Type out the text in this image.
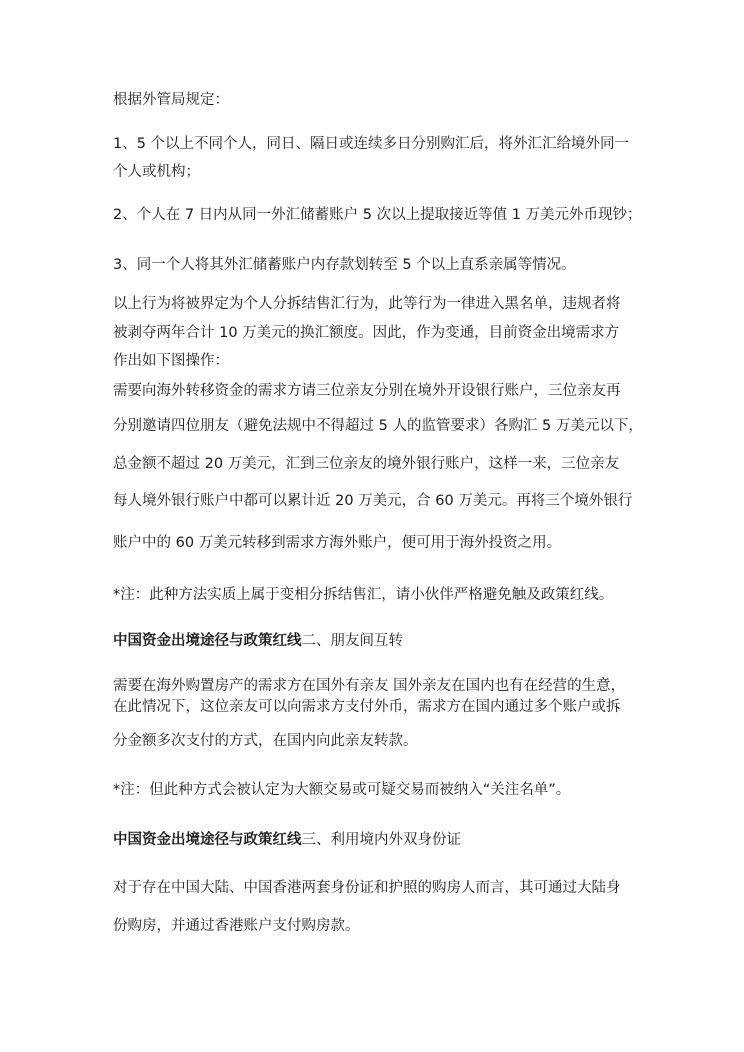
根据外管局规定：
1、5 个以上不同个人，同日、隔日或连续多日分别购汇后，将外汇汇给境外同一
个人或机构；
2、个人在 7 日内从同一外汇储蓄账户 5 次以上提取接近等值 1 万美元外币现钞；
3、同一个人将其外汇储蓄账户内存款划转至 5 个以上直系亲属等情况。
以上行为将被界定为个人分拆结售汇行为，此等行为一律进入黑名单，违规者将
被剥夺两年合计 10 万美元的换汇额度。因此，作为变通，目前资金出境需求方
作出如下图操作：
需要向海外转移资金的需求方请三位亲友分别在境外开设银行账户，三位亲友再
分别邀请四位朋友（避免法规中不得超过 5 人的监管要求）各购汇 5 万美元以下，
总金额不超过 20 万美元，汇到三位亲友的境外银行账户，这样一来，三位亲友
每人境外银行账户中都可以累计近 20 万美元，合 60 万美元。再将三个境外银行
账户中的 60 万美元转移到需求方海外账户，便可用于海外投资之用。
*注：此种方法实质上属于变相分拆结售汇，请小伙伴严格避免触及政策红线。
中国资金出境途径与政策红线二、朋友间互转
需要在海外购置房产的需求方在国外有亲友 国外亲友在国内也有在经营的生意，
在此情况下，这位亲友可以向需求方支付外币，需求方在国内通过多个账户或拆
分金额多次支付的方式，在国内向此亲友转款。
*注：但此种方式会被认定为大额交易或可疑交易而被纳入“关注名单”。
中国资金出境途径与政策红线三、利用境内外双身份证
对于存在中国大陆、中国香港两套身份证和护照的购房人而言，其可通过大陆身
份购房，并通过香港账户支付购房款。
